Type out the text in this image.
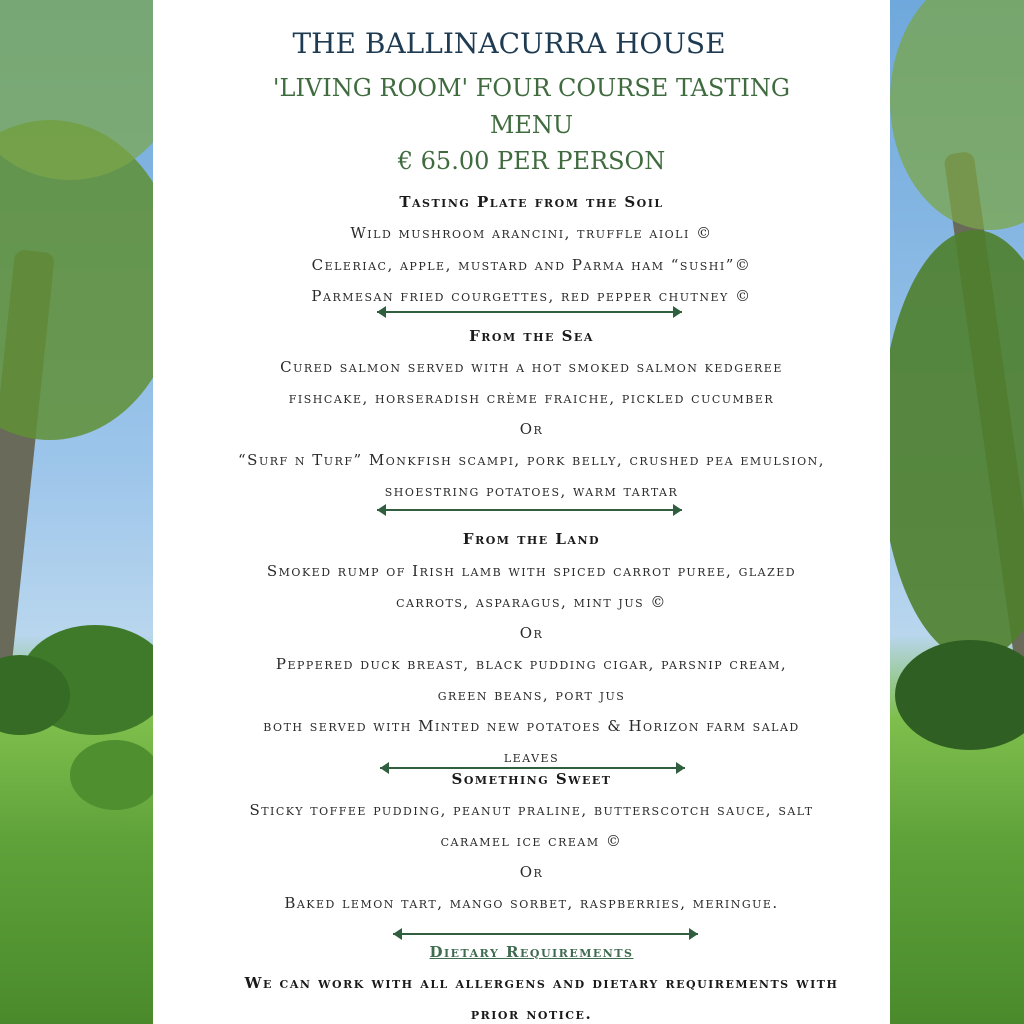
THE BALLINACURRA HOUSE
'LIVING ROOM' FOUR COURSE TASTING
MENU
€ 65.00 PER PERSON
Tasting Plate from the Soil
Wild mushroom arancini, truffle aioli ©
Celeriac, apple, mustard and Parma ham “sushi”©
Parmesan fried courgettes, red pepper chutney ©
From the Sea
Cured salmon served with a hot smoked salmon kedgeree
fishcake, horseradish crème fraiche, pickled cucumber
Or
“Surf n Turf” Monkfish scampi, pork belly, crushed pea emulsion,
shoestring potatoes, warm tartar
From the Land
Smoked rump of Irish lamb with spiced carrot puree, glazed
carrots, asparagus, mint jus ©
Or
Peppered duck breast, black pudding cigar, parsnip cream,
green beans, port jus
both served with Minted new potatoes & Horizon farm salad
leaves
Something Sweet
Sticky toffee pudding, peanut praline, butterscotch sauce, salt
caramel ice cream ©
Or
Baked lemon tart, mango sorbet, raspberries, meringue.
Dietary Requirements
We can work with all allergens and dietary requirements with
prior notice.
